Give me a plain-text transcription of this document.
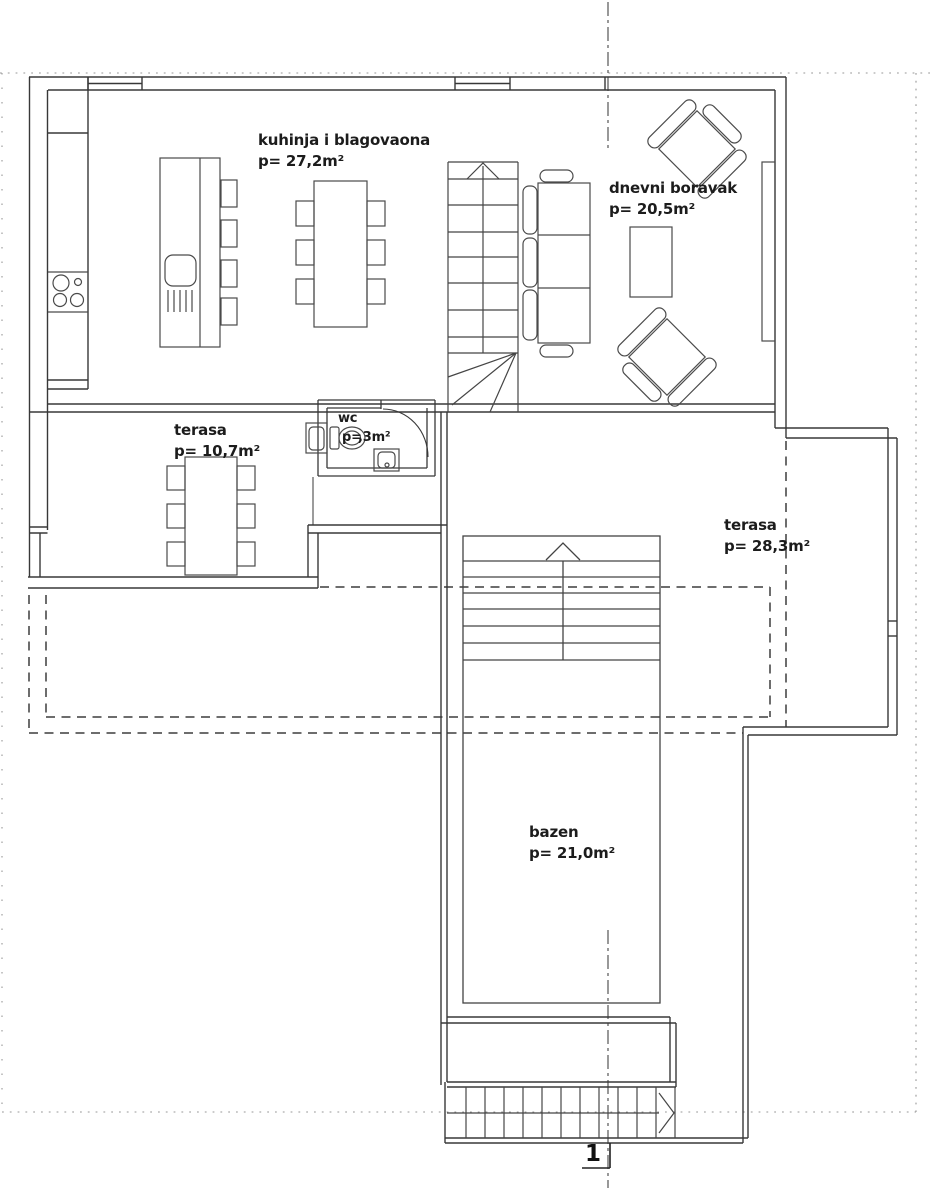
kuhinja i blagovaona
p= 27,2m²
dnevni boravak
p= 20,5m²
terasa
p= 10,7m²
terasa
p= 28,3m²
bazen
p= 21,0m²
wc
p=
,3m²
1
